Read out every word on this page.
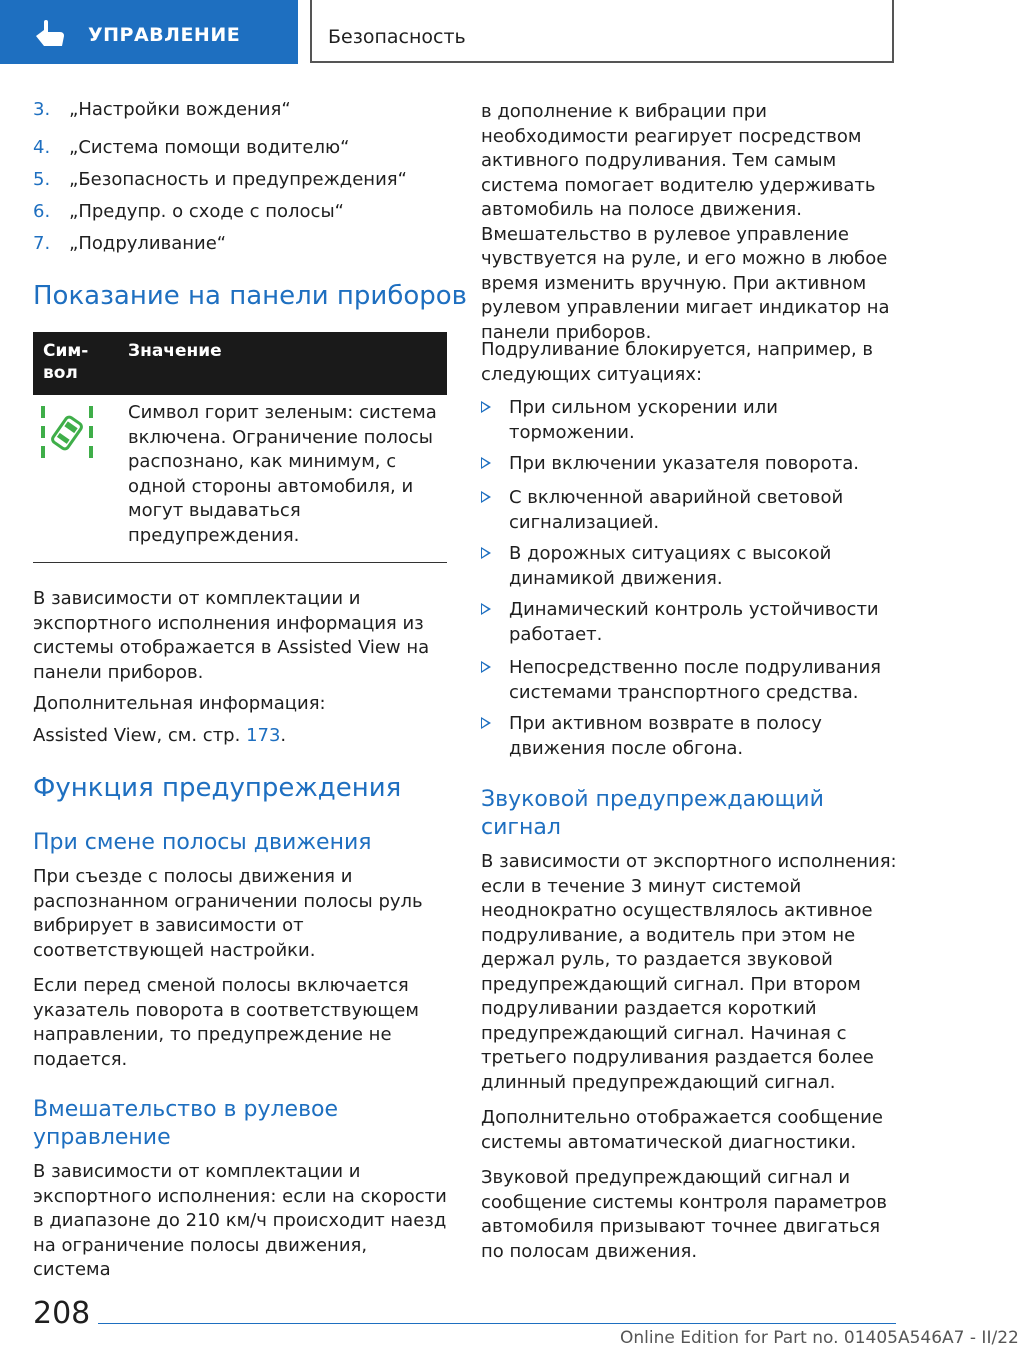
УПРАВЛЕНИЕ	Безопасность
3. „Настройки вождения“
4. „Система помощи водителю“
5. „Безопасность и предупреждения“
6. „Предупр. о сходе с полосы“
7. „Подруливание“
Показание на панели приборов
Сим-
вол
Значение
Символ горит зеленым: система включена. Ограничение полосы распознано, как минимум, с одной стороны автомобиля, и могут выдаваться предупреждения.

В зависимости от комплектации и экспортного исполнения информация из системы отображается в Assisted View на панели приборов.

Дополнительная информация:

Assisted View, см. стр. 173.

Функция предупреждения
При смене полосы движения

При съезде с полосы движения и распознанном ограничении полосы руль вибрирует в зависимости от соответствующей настройки.

Если перед сменой полосы включается указатель поворота в соответствующем направлении, то предупреждение не подается.

Вмешательство в рулевое управление

В зависимости от комплектации и экспортного исполнения: если на скорости в диапазоне до 210 км/ч происходит наезд на ограничение полосы движения, система

в дополнение к вибрации при необходимости реагирует посредством активного подруливания. Тем самым система помогает водителю удерживать автомобиль на полосе движения. Вмешательство в рулевое управление чувствуется на руле, и его можно в любое время изменить вручную. При активном рулевом управлении мигает индикатор на панели приборов.

Подруливание блокируется, например, в следующих ситуациях:

При сильном ускорении или торможении.
При включении указателя поворота.
С включенной аварийной световой сигнализацией.
В дорожных ситуациях с высокой динамикой движения.
Динамический контроль устойчивости работает.
Непосредственно после подруливания системами транспортного средства.
При активном возврате в полосу движения после обгона.
Звуковой предупреждающий сигнал

В зависимости от экспортного исполнения: если в течение 3 минут системой неоднократно осуществлялось активное подруливание, а водитель при этом не держал руль, то раздается звуковой предупреждающий сигнал. При втором подруливании раздается короткий предупреждающий сигнал. Начиная с третьего подруливания раздается более длинный предупреждающий сигнал.

Дополнительно отображается сообщение системы автоматической диагностики.

Звуковой предупреждающий сигнал и сообщение системы контроля параметров автомобиля призывают точнее двигаться по полосам движения.

208
Online Edition for Part no. 01405A546A7 - II/22
